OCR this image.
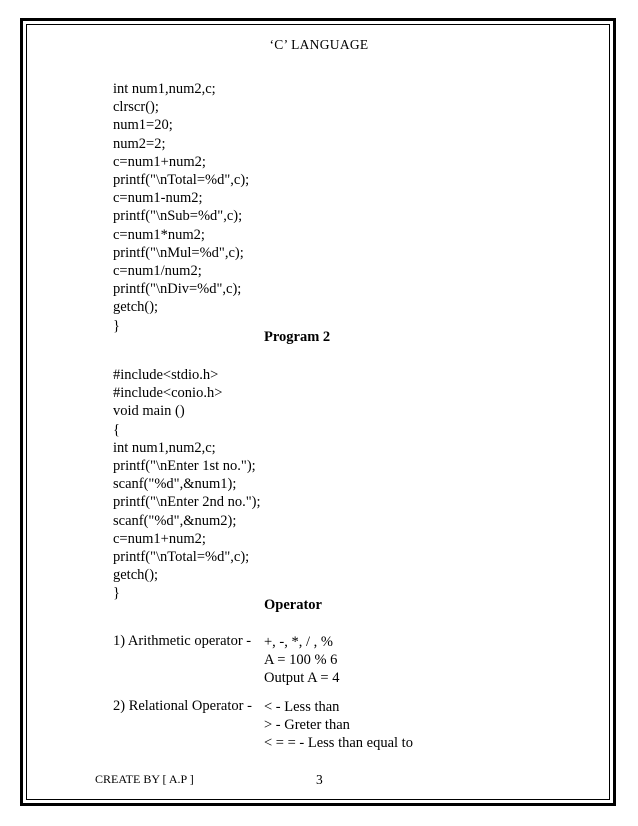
‘C’ LANGUAGE
int num1,num2,c;
clrscr();
num1=20;
num2=2;
c=num1+num2;
printf("\nTotal=%d",c);
c=num1-num2;
printf("\nSub=%d",c);
c=num1*num2;
printf("\nMul=%d",c);
c=num1/num2;
printf("\nDiv=%d",c);
getch();
}
Program 2
#include<stdio.h>
#include<conio.h>
void main ()
{
int num1,num2,c;
printf("\nEnter 1st no.");
scanf("%d",&num1);
printf("\nEnter 2nd no.");
scanf("%d",&num2);
c=num1+num2;
printf("\nTotal=%d",c);
getch();
}
Operator
1) Arithmetic operator - +, -, *, / , %
A = 100 % 6
Output A = 4
2) Relational Operator - < - Less than
> - Greter than
< = = - Less than equal to
CREATE BY [ A.P ]	3
